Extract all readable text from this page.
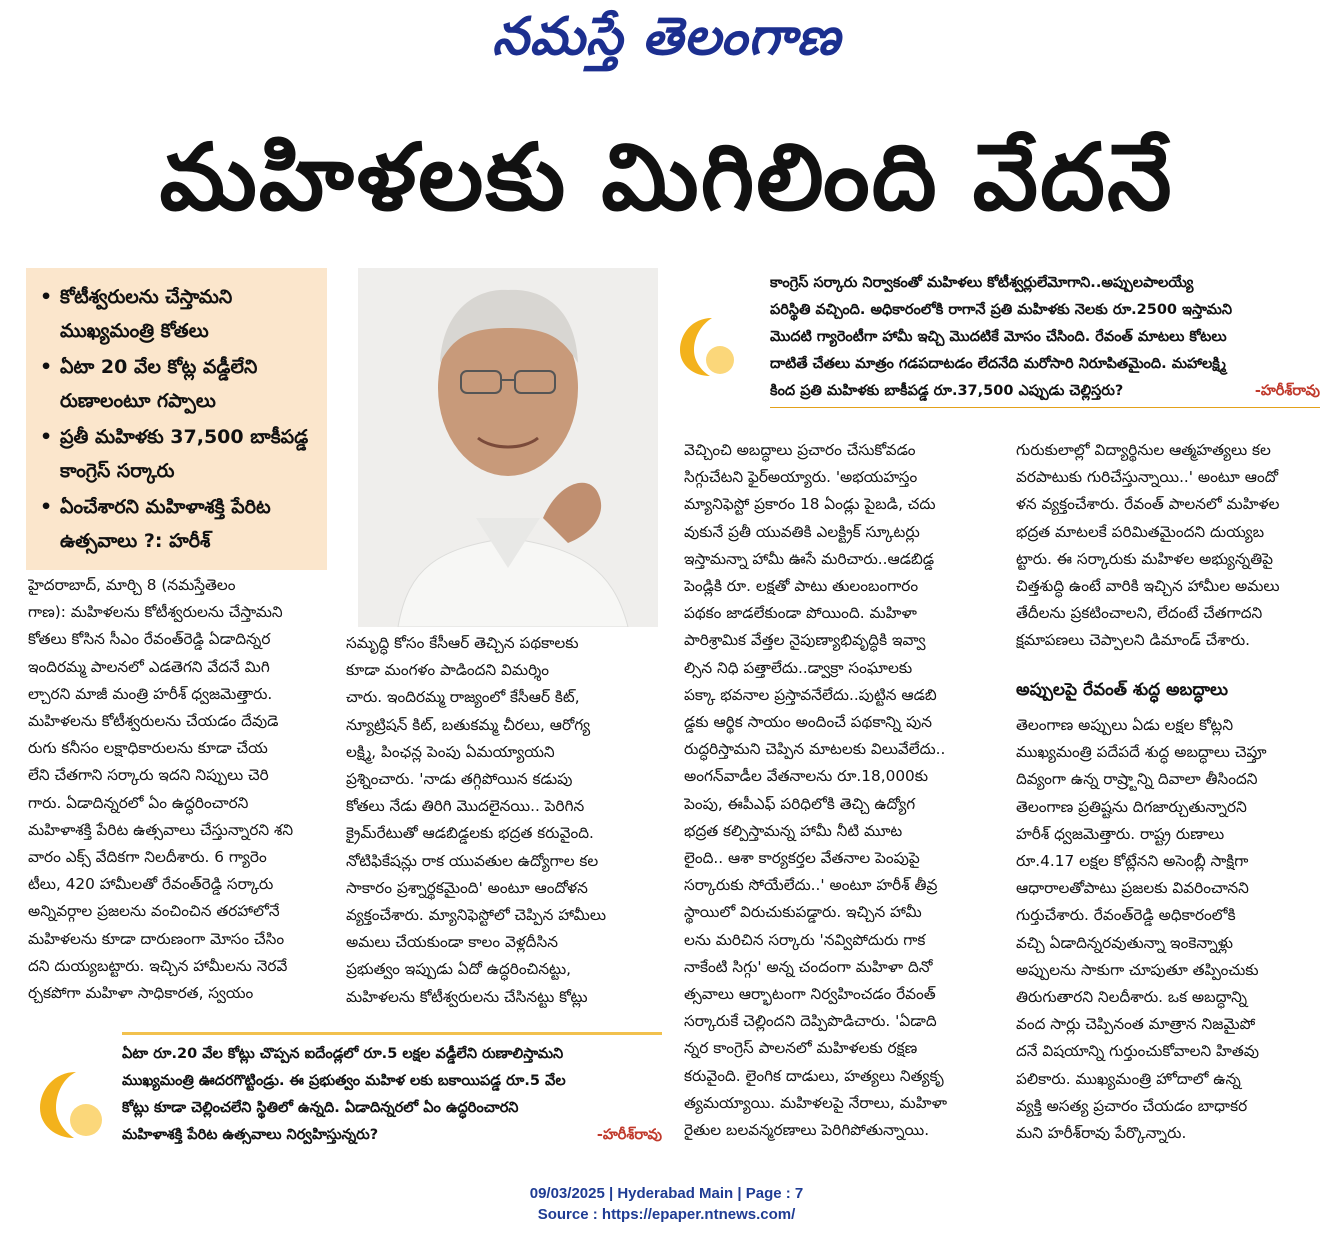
నమస్తే తెలంగాణ
మహిళలకు మిగిలింది వేదనే
• కోటీశ్వరులను చేస్తామని ముఖ్యమంత్రి కోతలు
• ఏటా 20 వేల కోట్ల వడ్డీలేని రుణాలంటూ గప్పాలు
• ప్రతీ మహిళకు 37,500 బాకీపడ్డ కాంగ్రెస్ సర్కారు
• ఏంచేశారని మహిళాశక్తి పేరిట ఉత్సవాలు ?: హరీశ్
కాంగ్రెస్ సర్కారు నిర్వాకంతో మహిళలు కోటీశ్వర్లులేమోగాని..అప్పులపాలయ్యే
పరిస్థితి వచ్చింది. అధికారంలోకి రాగానే ప్రతి మహిళకు నెలకు రూ.2500 ఇస్తామని
మొదటి గ్యారెంటీగా హామీ ఇచ్చి మొదటికే మోసం చేసింది. రేవంత్ మాటలు కోటలు
దాటితే చేతలు మాత్రం గడపదాటడం లేదనేది మరోసారి నిరూపితమైంది. మహాలక్ష్మి
కింద ప్రతి మహిళకు బాకీపడ్డ రూ.37,500 ఎప్పుడు చెల్లిస్తరు?	-హరీశ్‌రావు
హైదరాబాద్, మార్చి 8 (నమస్తేతెలం
గాణ): మహిళలను కోటీశ్వరులను చేస్తామని
కోతలు కోసిన సీఎం రేవంత్‌రెడ్డి ఏడాదిన్నర
ఇందిరమ్మ పాలనలో ఎడతెగని వేదనే మిగి
ల్చారని మాజీ మంత్రి హరీశ్ ధ్వజమెత్తారు.
మహిళలను కోటీశ్వరులను చేయడం దేవుడె
రుగు కనీసం లక్షాధికారులను కూడా చేయ
లేని చేతగాని సర్కారు ఇదని నిప్పులు చెరి
గారు. ఏడాదిన్నరలో ఏం ఉద్ధరించారని
మహిళాశక్తి పేరిట ఉత్సవాలు చేస్తున్నారని శని
వారం ఎక్స్ వేదికగా నిలదీశారు. 6 గ్యారెం
టీలు, 420 హామీలతో రేవంత్‌రెడ్డి సర్కారు
అన్నివర్గాల ప్రజలను వంచించిన తరహాలోనే
మహిళలను కూడా దారుణంగా మోసం చేసిం
దని దుయ్యబట్టారు. ఇచ్చిన హామీలను నెరవే
ర్చకపోగా మహిళా సాధికారత, స్వయం
సమృద్ధి కోసం కేసీఆర్ తెచ్చిన పథకాలకు
కూడా మంగళం పాడిందని విమర్శిం
చారు. ఇందిరమ్మ రాజ్యంలో కేసీఆర్ కిట్,
న్యూట్రిషన్ కిట్, బతుకమ్మ చీరలు, ఆరోగ్య
లక్ష్మి, పింఛన్ల పెంపు ఏమయ్యాయని
ప్రశ్నించారు. 'నాడు తగ్గిపోయిన కడుపు
కోతలు నేడు తిరిగి మొదలైనయి.. పెరిగిన
క్రైమ్‌రేటుతో ఆడబిడ్డలకు భద్రత కరువైంది.
నోటిఫికేషన్లు రాక యువతుల ఉద్యోగాల కల
సాకారం ప్రశ్నార్థకమైంది' అంటూ ఆందోళన
వ్యక్తంచేశారు. మ్యానిఫెస్టోలో చెప్పిన హామీలు
అమలు చేయకుండా కాలం వెళ్లదీసిన
ప్రభుత్వం ఇప్పుడు ఏదో ఉద్ధరించినట్టు,
మహిళలను కోటీశ్వరులను చేసినట్టు కోట్లు
వెచ్చించి అబద్ధాలు ప్రచారం చేసుకోవడం
సిగ్గుచేటని ఫైర్‌అయ్యారు. 'అభయహస్తం
మ్యానిఫెస్టో ప్రకారం 18 ఏండ్లు పైబడి, చదు
వుకునే ప్రతీ యువతికి ఎలక్ట్రిక్ స్కూటర్లు
ఇస్తామన్నా హామీ ఊసే మరిచారు..ఆడబిడ్డ
పెండ్లికి రూ. లక్షతో పాటు తులంబంగారం
పథకం జాడలేకుండా పోయింది. మహిళా
పారిశ్రామిక వేత్తల నైపుణ్యాభివృద్ధికి ఇవ్వా
ల్సిన నిధి పత్తాలేదు..డ్వాక్రా సంఘాలకు
పక్కా భవనాల ప్రస్తావనేలేదు..పుట్టిన ఆడబి
డ్డకు ఆర్థిక సాయం అందించే పథకాన్ని పున
రుద్ధరిస్తామని చెప్పిన మాటలకు విలువేలేదు..
అంగన్‌వాడీల వేతనాలను రూ.18,000కు
పెంపు, ఈపీఎఫ్ పరిధిలోకి తెచ్చి ఉద్యోగ
భద్రత కల్పిస్తామన్న హామీ నీటి మూట
లైంది.. ఆశా కార్యకర్తల వేతనాల పెంపుపై
సర్కారుకు సోయేలేదు..' అంటూ హరీశ్ తీవ్ర
స్థాయిలో విరుచుకుపడ్డారు. ఇచ్చిన హామీ
లను మరిచిన సర్కారు 'నవ్విపోదురు గాక
నాకేంటి సిగ్గు' అన్న చందంగా మహిళా దినో
త్సవాలు ఆర్భాటంగా నిర్వహించడం రేవంత్
సర్కారుకే చెల్లిందని దెప్పిపొడిచారు. 'ఏడాది
న్నర కాంగ్రెస్ పాలనలో మహిళలకు రక్షణ
కరువైంది. లైంగిక దాడులు, హత్యలు నిత్యకృ
త్యమయ్యాయి. మహిళలపై నేరాలు, మహిళా
రైతుల బలవన్మరణాలు పెరిగిపోతున్నాయి.
గురుకులాల్లో విద్యార్థినుల ఆత్మహత్యలు కల
వరపాటుకు గురిచేస్తున్నాయి..' అంటూ ఆందో
ళన వ్యక్తంచేశారు. రేవంత్ పాలనలో మహిళల
భద్రత మాటలకే పరిమితమైందని దుయ్యబ
ట్టారు. ఈ సర్కారుకు మహిళల అభ్యున్నతిపై
చిత్తశుద్ధి ఉంటే వారికి ఇచ్చిన హామీల అమలు
తేదీలను ప్రకటించాలని, లేదంటే చేతగాదని
క్షమాపణలు చెప్పాలని డిమాండ్ చేశారు.
అప్పులపై రేవంత్ శుద్ధ అబద్ధాలు
తెలంగాణ అప్పులు ఏడు లక్షల కోట్లని
ముఖ్యమంత్రి పదేపదే శుద్ధ అబద్ధాలు చెప్తూ
దివ్యంగా ఉన్న రాష్ర్టాన్ని దివాలా తీసిందని
తెలంగాణ ప్రతిష్టను దిగజార్చుతున్నారని
హరీశ్ ధ్వజమెత్తారు. రాష్ట్ర రుణాలు
రూ.4.17 లక్షల కోట్లేనని అసెంబ్లీ సాక్షిగా
ఆధారాలతోపాటు ప్రజలకు వివరించానని
గుర్తుచేశారు. రేవంత్‌రెడ్డి అధికారంలోకి
వచ్చి ఏడాదిన్నరవుతున్నా ఇంకెన్నాళ్లు
అప్పులను సాకుగా చూపుతూ తప్పించుకు
తిరుగుతారని నిలదీశారు. ఒక అబద్ధాన్ని
వంద సార్లు చెప్పినంత మాత్రాన నిజమైపో
దనే విషయాన్ని గుర్తుంచుకోవాలని హితవు
పలికారు. ముఖ్యమంత్రి హోదాలో ఉన్న
వ్యక్తి అసత్య ప్రచారం చేయడం బాధాకర
మని హరీశ్‌రావు పేర్కొన్నారు.
ఏటా రూ.20 వేల కోట్లు చొప్పన ఐదేండ్లలో రూ.5 లక్షల వడ్డీలేని రుణాలిస్తామని
ముఖ్యమంత్రి ఊదరగొట్టిండ్రు. ఈ ప్రభుత్వం మహిళ లకు బకాయిపడ్డ రూ.5 వేల
కోట్లు కూడా చెల్లించలేని స్థితిలో ఉన్నది. ఏడాదిన్నరలో ఏం ఉద్ధరించారని
మహిళాశక్తి పేరిట ఉత్సవాలు నిర్వహిస్తున్నరు?	-హరీశ్‌రావు
09/03/2025 | Hyderabad Main | Page : 7
Source : https://epaper.ntnews.com/
